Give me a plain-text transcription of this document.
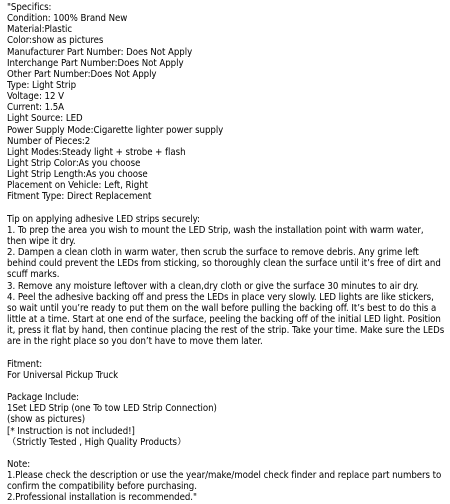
"Specifics:
Condition: 100% Brand New
Material:Plastic
Color:show as pictures
Manufacturer Part Number: Does Not Apply
Interchange Part Number:Does Not Apply
Other Part Number:Does Not Apply
Type: Light Strip
Voltage: 12 V
Current: 1.5A
Light Source: LED
Power Supply Mode:Cigarette lighter power supply
Number of Pieces:2
Light Modes:Steady light + strobe + flash
Light Strip Color:As you choose
Light Strip Length:As you choose
Placement on Vehicle: Left, Right
Fitment Type: Direct Replacement
Tip on applying adhesive LED strips securely:
1. To prep the area you wish to mount the LED Strip, wash the installation point with warm water, then wipe it dry.
2. Dampen a clean cloth in warm water, then scrub the surface to remove debris. Any grime left behind could prevent the LEDs from sticking, so thoroughly clean the surface until it’s free of dirt and scuff marks.
3. Remove any moisture leftover with a clean,dry cloth or give the surface 30 minutes to air dry.
4. Peel the adhesive backing off and press the LEDs in place very slowly. LED lights are like stickers, so wait until you’re ready to put them on the wall before pulling the backing off. It’s best to do this a little at a time. Start at one end of the surface, peeling the backing off of the initial LED light. Position it, press it flat by hand, then continue placing the rest of the strip. Take your time. Make sure the LEDs are in the right place so you don’t have to move them later.
Fitment:
For Universal Pickup Truck
Package Include:
1Set LED Strip (one To tow LED Strip Connection)
(show as pictures)
[* Instruction is not included!]
（Strictly Tested , High Quality Products）
Note:
1.Please check the description or use the year/make/model check finder and replace part numbers to confirm the compatibility before purchasing.
2.Professional installation is recommended."
